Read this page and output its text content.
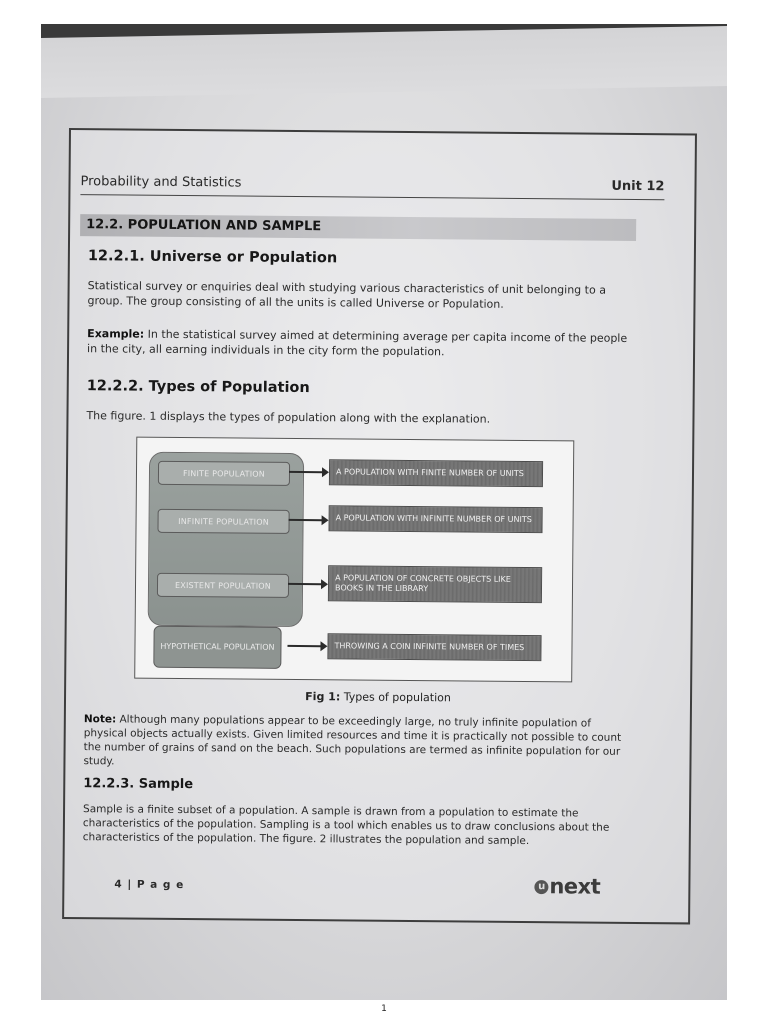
Probability and Statistics	Unit 12
12.2. POPULATION AND SAMPLE
12.2.1. Universe or Population
Statistical survey or enquiries deal with studying various characteristics of unit belonging to a group. The group consisting of all the units is called Universe or Population.
Example: In the statistical survey aimed at determining average per capita income of the people in the city, all earning individuals in the city form the population.
12.2.2. Types of Population
The figure. 1 displays the types of population along with the explanation.
FINITE POPULATION
INFINITE POPULATION
EXISTENT POPULATION
HYPOTHETICAL POPULATION
A POPULATION WITH FINITE NUMBER OF UNITS
A POPULATION WITH INFINITE NUMBER OF UNITS
A POPULATION OF CONCRETE OBJECTS LIKE BOOKS IN THE LIBRARY
THROWING A COIN INFINITE NUMBER OF TIMES
Fig 1: Types of population
Note: Although many populations appear to be exceedingly large, no truly infinite population of physical objects actually exists. Given limited resources and time it is practically not possible to count the number of grains of sand on the beach. Such populations are termed as infinite population for our study.
12.2.3. Sample
Sample is a finite subset of a population. A sample is drawn from a population to estimate the characteristics of the population. Sampling is a tool which enables us to draw conclusions about the characteristics of the population. The figure. 2 illustrates the population and sample.
4 | P a g e	u next
1
